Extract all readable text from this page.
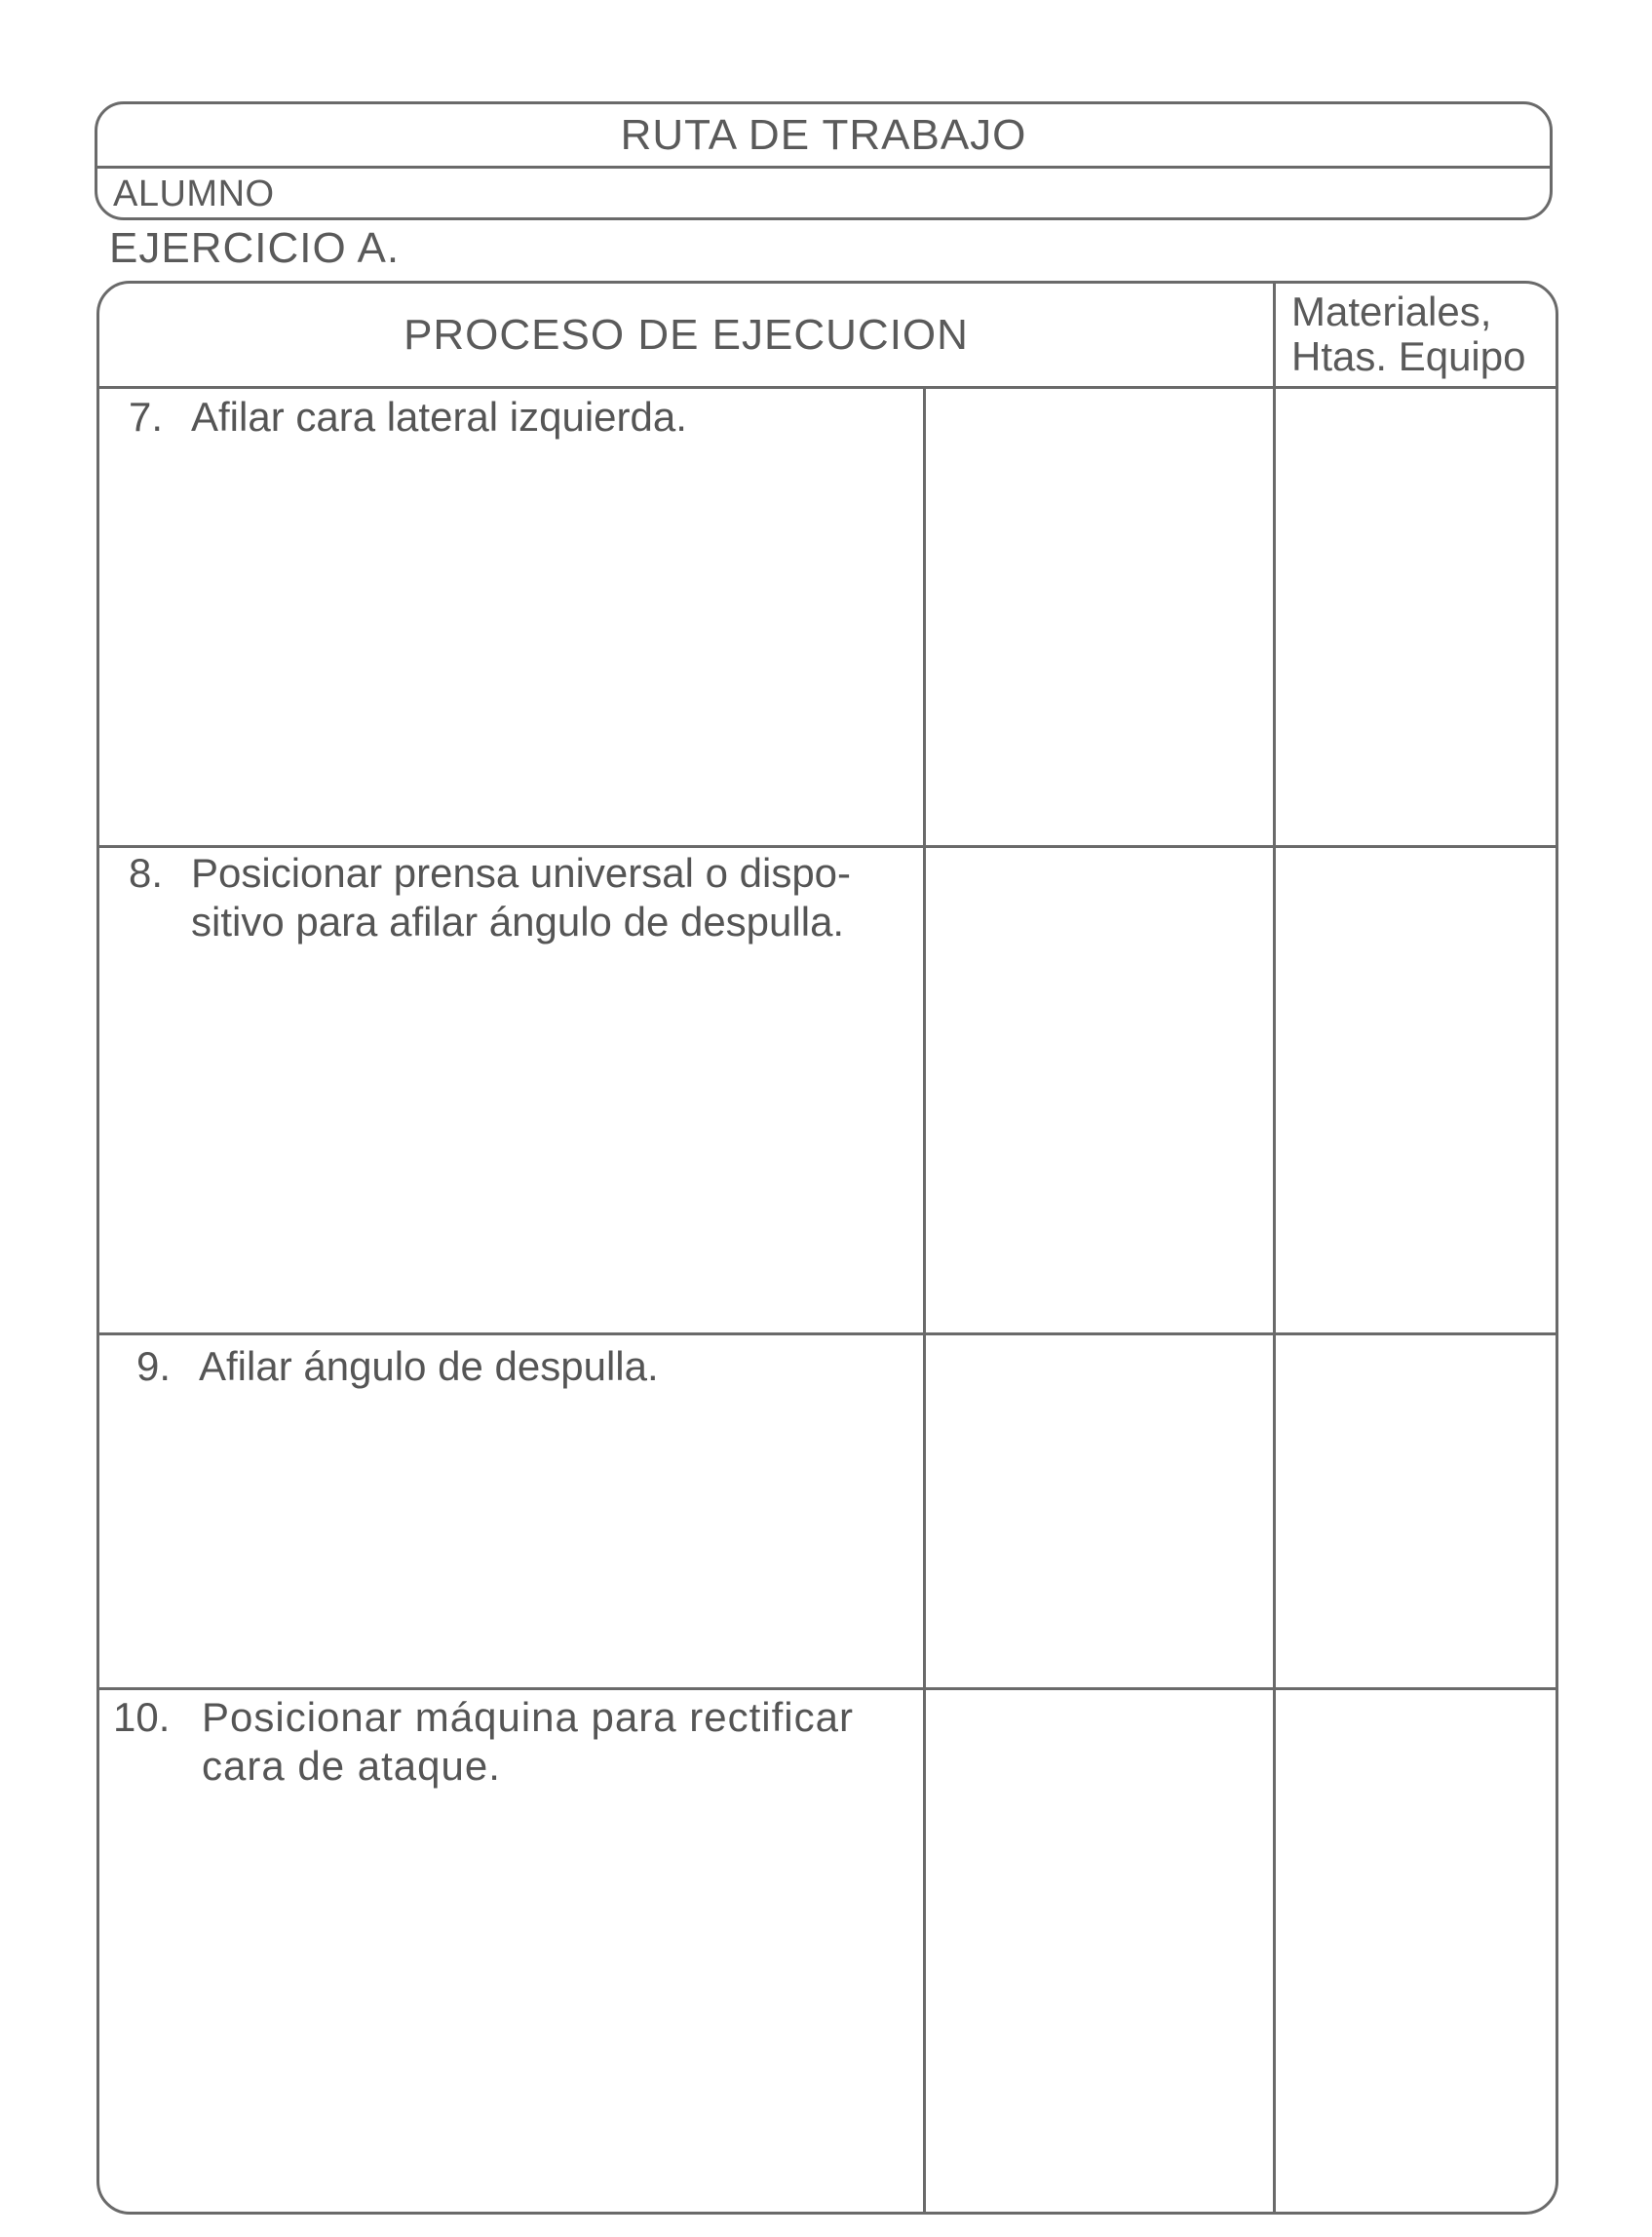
RUTA DE TRABAJO
ALUMNO
EJERCICIO A.
PROCESO DE EJECUCION	Materiales,
Htas. Equipo
7. Afilar cara lateral izquierda.
8. Posicionar prensa universal o dispo-
sitivo para afilar ángulo de despulla.
9. Afilar ángulo de despulla.
10. Posicionar máquina para rectificar
cara de ataque.
